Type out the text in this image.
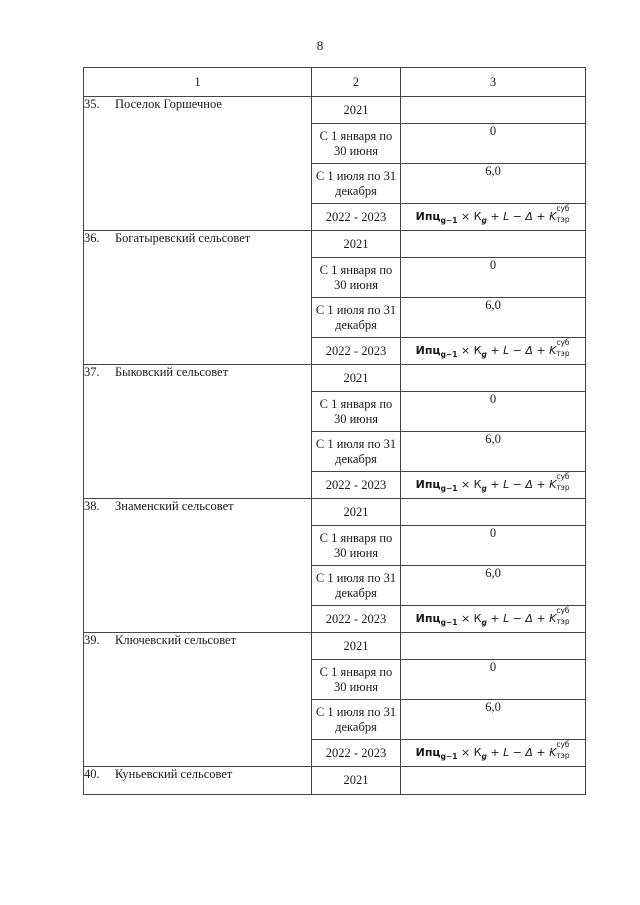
8
1	2	3
35. Поселок Горшечное	2021	
	С 1 января по 30 июня	0
	С 1 июля по 31 декабря	6,0
	2022 - 2023	$Ипц_{g-1} \times К_g + L - \Delta + K$
суб
тэр

36. Богатыревский сельсовет	2021	
	С 1 января по 30 июня	0
	С 1 июля по 31 декабря	6,0
	2022 - 2023	$Ипц_{g-1} \times К_g + L - \Delta + K$
суб
тэр

37. Быковский сельсовет	2021	
	С 1 января по 30 июня	0
	С 1 июля по 31 декабря	6,0
	2022 - 2023	$Ипц_{g-1} \times К_g + L - \Delta + K$
суб
тэр

38. Знаменский сельсовет	2021	
	С 1 января по 30 июня	0
	С 1 июля по 31 декабря	6,0
	2022 - 2023	$Ипц_{g-1} \times К_g + L - \Delta + K$
суб
тэр

39. Ключевский сельсовет	2021	
	С 1 января по 30 июня	0
	С 1 июля по 31 декабря	6,0
	2022 - 2023	$Ипц_{g-1} \times К_g + L - \Delta + K$
суб
тэр

40. Куньевский сельсовет	2021	
